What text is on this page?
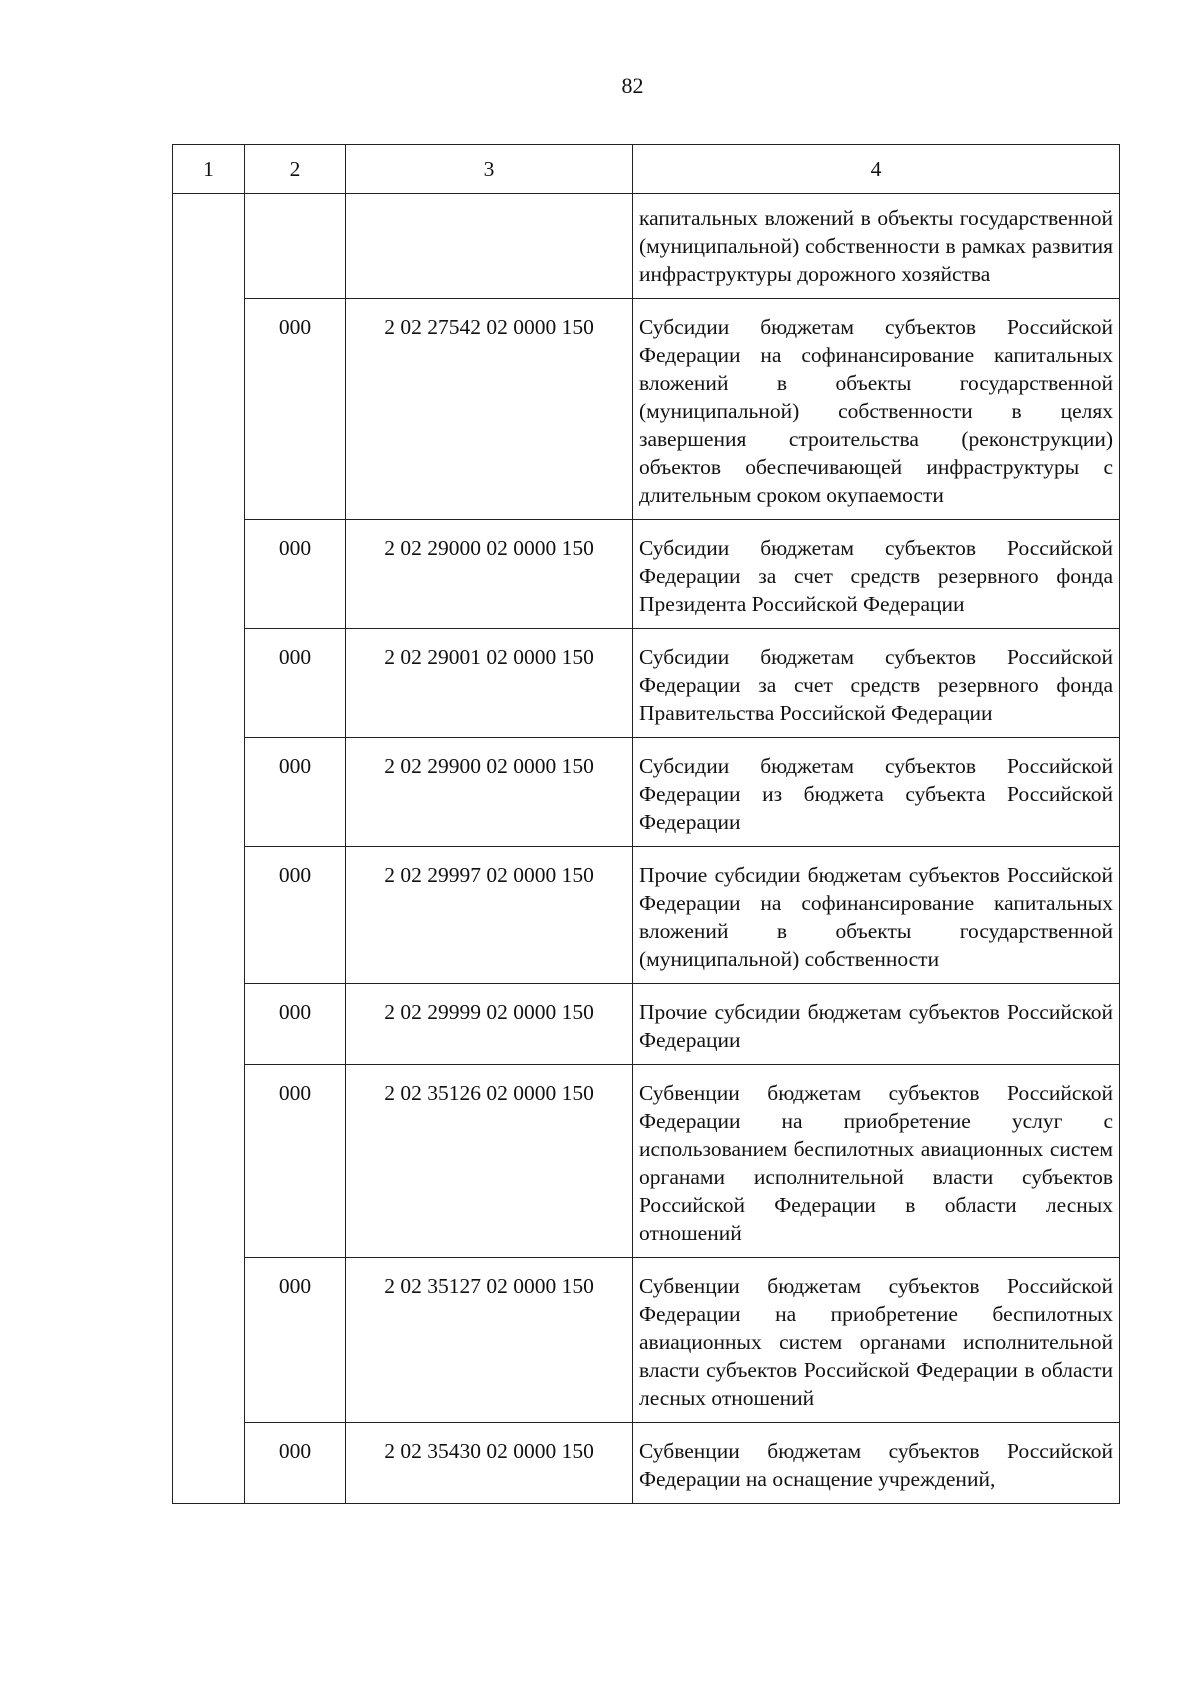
82
1	2	3	4
			капитальных вложений в объекты государственной (муниципальной) собственности в рамках развития инфраструктуры дорожного хозяйства
	000	2 02 27542 02 0000 150	Субсидии бюджетам субъектов Российской Федерации на софинансирование капитальных вложений в объекты государственной (муниципальной) собственности в целях завершения строительства (реконструкции) объектов обеспечивающей инфраструктуры с длительным сроком окупаемости
	000	2 02 29000 02 0000 150	Субсидии бюджетам субъектов Российской Федерации за счет средств резервного фонда Президента Российской Федерации
	000	2 02 29001 02 0000 150	Субсидии бюджетам субъектов Российской Федерации за счет средств резервного фонда Правительства Российской Федерации
	000	2 02 29900 02 0000 150	Субсидии бюджетам субъектов Российской Федерации из бюджета субъекта Российской Федерации
	000	2 02 29997 02 0000 150	Прочие субсидии бюджетам субъектов Российской Федерации на софинансирование капитальных вложений в объекты государственной (муниципальной) собственности
	000	2 02 29999 02 0000 150	Прочие субсидии бюджетам субъектов Российской Федерации
	000	2 02 35126 02 0000 150	Субвенции бюджетам субъектов Российской Федерации на приобретение услуг с использованием беспилотных авиационных систем органами исполнительной власти субъектов Российской Федерации в области лесных отношений
	000	2 02 35127 02 0000 150	Субвенции бюджетам субъектов Российской Федерации на приобретение беспилотных авиационных систем органами исполнительной власти субъектов Российской Федерации в области лесных отношений
	000	2 02 35430 02 0000 150	Субвенции бюджетам субъектов Российской Федерации на оснащение учреждений,
